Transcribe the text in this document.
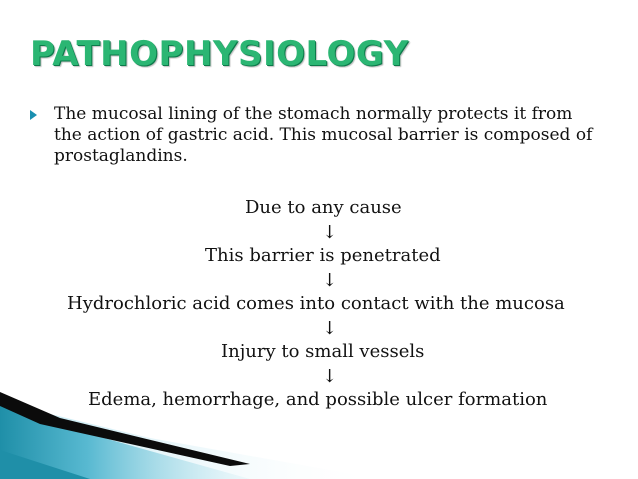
PATHOPHYSIOLOGY

The mucosal lining of the stomach normally protects it from the action of gastric acid. This mucosal barrier is composed of prostaglandins.

Due to any cause
↓
This barrier is penetrated
↓
Hydrochloric acid comes into contact with the mucosa
↓
Injury to small vessels
↓
Edema, hemorrhage, and possible ulcer formation
